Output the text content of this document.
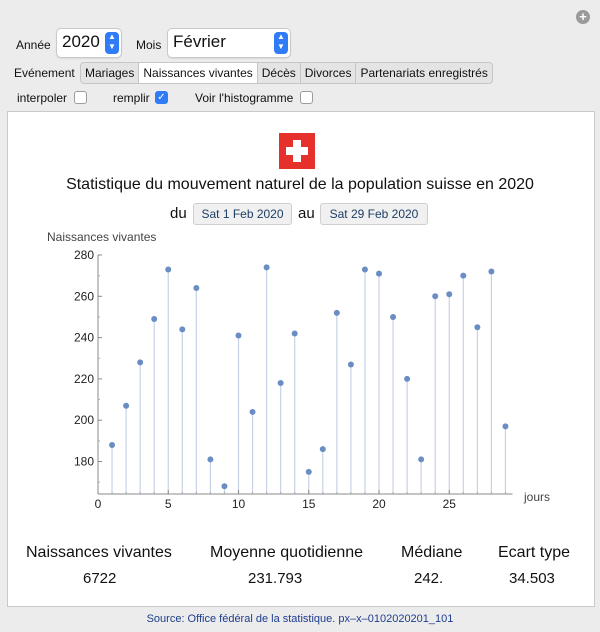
+
Année 2020	▲
▼ Mois Février	▲
▼
Evénement Mariages Naissances vivantes Décès Divorces Partenariats enregistrés
interpoler	remplir ✓ Voir l'histogramme
Statistique du mouvement naturel de la population suisse en 2020
du	Sat 1 Feb 2020 au	Sat 29 Feb 2020
180
200
220
240
260
280
0	5	10	15	20	25
Naissances vivantes
jours
Naissances vivantes
6722
Moyenne quotidienne
231.793
Médiane
242.
Ecart type
34.503
Source: Office fédéral de la statistique. px–x–0102020201_101
